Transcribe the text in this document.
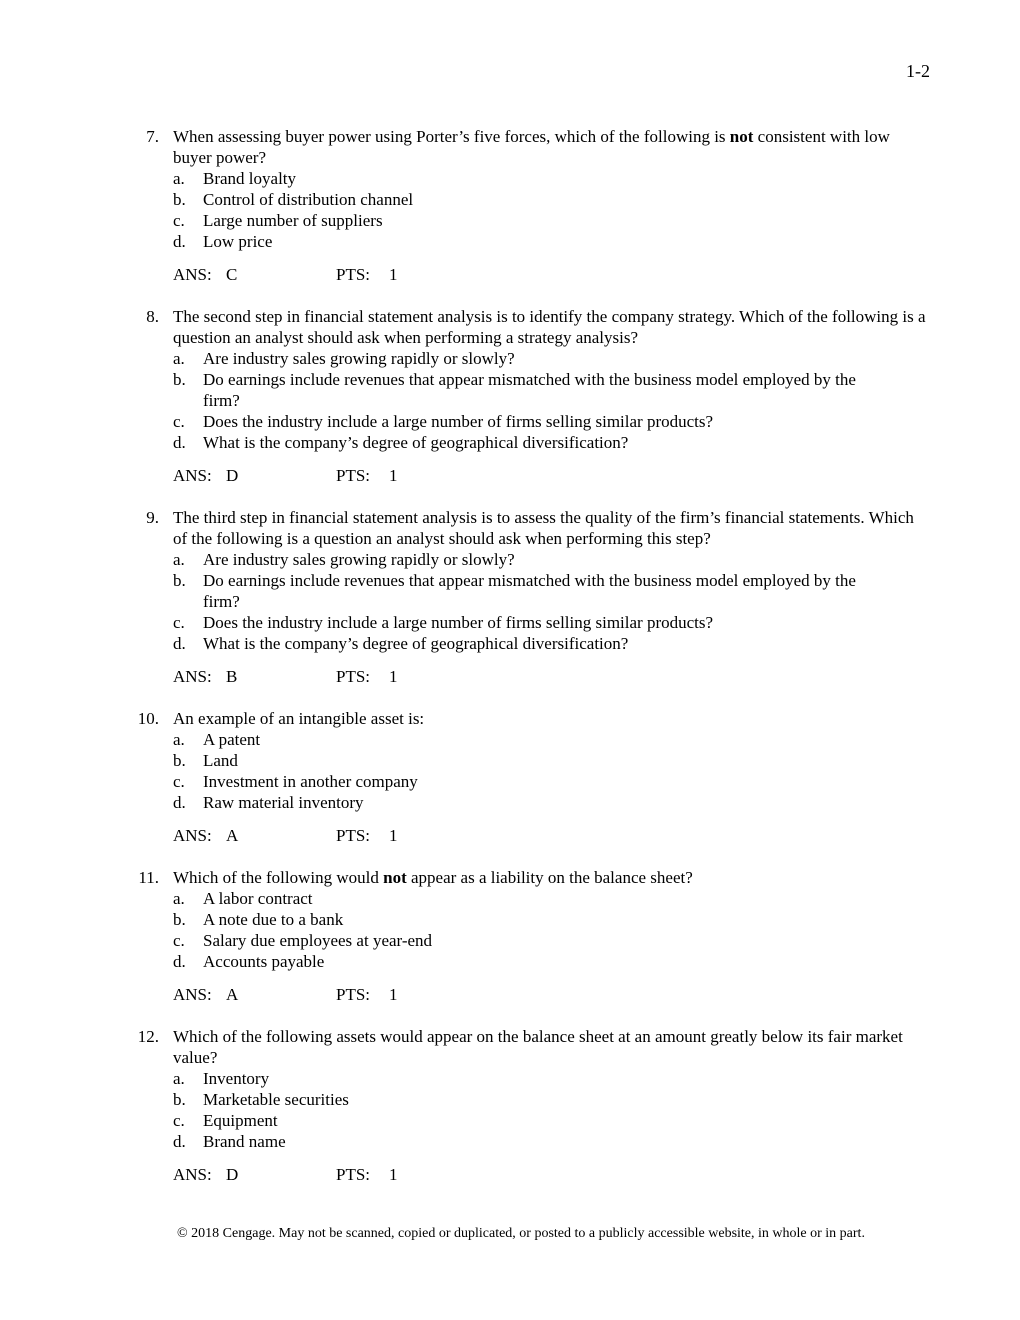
1-2
7. When assessing buyer power using Porter’s five forces, which of the following is not consistent with low buyer power?

a. Brand loyalty
b. Control of distribution channel
c. Large number of suppliers
d. Low price
ANS: C	PTS: 1
8. The second step in financial statement analysis is to identify the company strategy. Which of the following is a question an analyst should ask when performing a strategy analysis?

a. Are industry sales growing rapidly or slowly?
b. Do earnings include revenues that appear mismatched with the business model employed by the firm?
c. Does the industry include a large number of firms selling similar products?
d. What is the company’s degree of geographical diversification?
ANS: D	PTS: 1
9. The third step in financial statement analysis is to assess the quality of the firm’s financial statements. Which of the following is a question an analyst should ask when performing this step?

a. Are industry sales growing rapidly or slowly?
b. Do earnings include revenues that appear mismatched with the business model employed by the firm?
c. Does the industry include a large number of firms selling similar products?
d. What is the company’s degree of geographical diversification?
ANS: B	PTS: 1
10. An example of an intangible asset is:

a. A patent
b. Land
c. Investment in another company
d. Raw material inventory
ANS: A	PTS: 1
11. Which of the following would not appear as a liability on the balance sheet?

a. A labor contract
b. A note due to a bank
c. Salary due employees at year-end
d. Accounts payable
ANS: A	PTS: 1
12. Which of the following assets would appear on the balance sheet at an amount greatly below its fair market value?

a. Inventory
b. Marketable securities
c. Equipment
d. Brand name
ANS: D	PTS: 1
© 2018 Cengage. May not be scanned, copied or duplicated, or posted to a publicly accessible website, in whole or in part.
